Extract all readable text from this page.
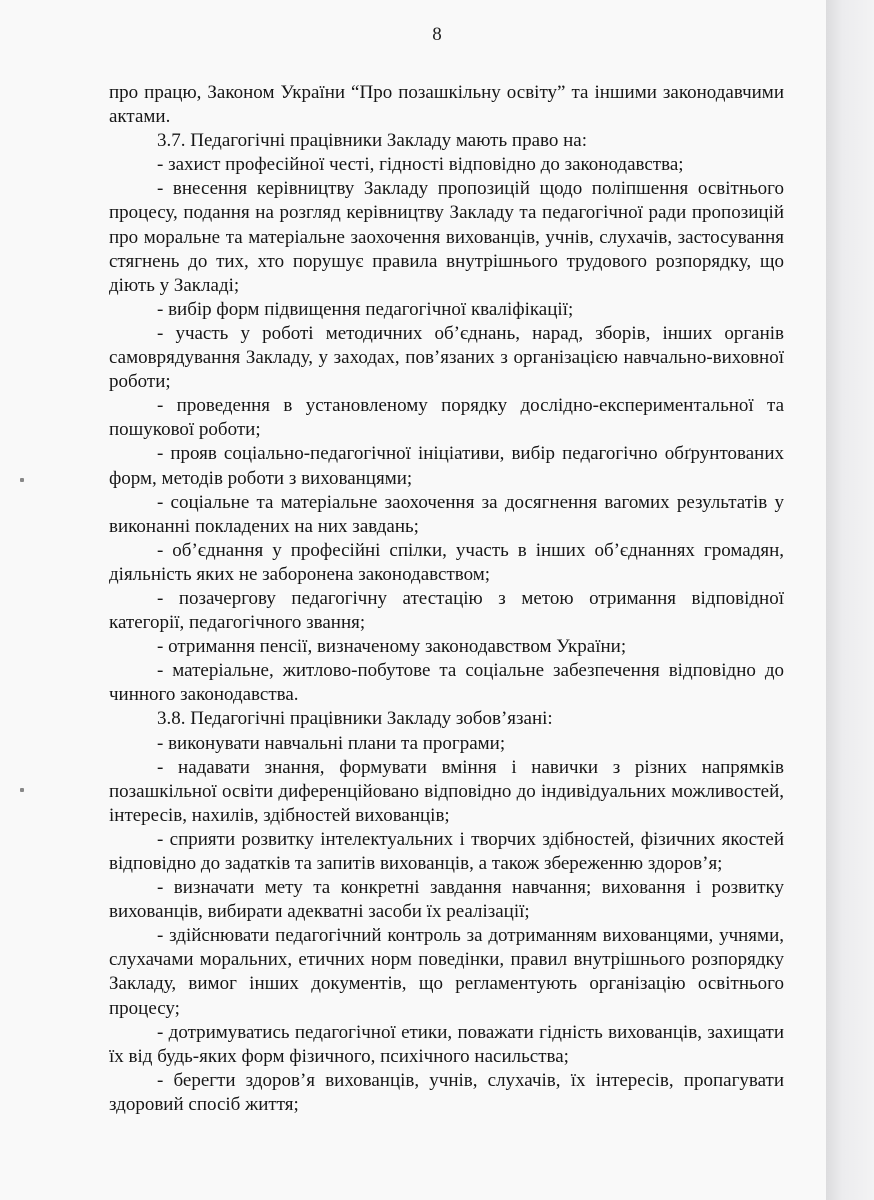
8

про працю, Законом України “Про позашкільну освіту” та іншими законодавчими актами.

3.7. Педагогічні працівники Закладу мають право на:

- захист професійної честі, гідності відповідно до законодавства;

- внесення керівництву Закладу пропозицій щодо поліпшення освітнього процесу, подання на розгляд керівництву Закладу та педагогічної ради пропозицій про моральне та матеріальне заохочення вихованців, учнів, слухачів, застосування стягнень до тих, хто порушує правила внутрішнього трудового розпорядку, що діють у Закладі;

- вибір форм підвищення педагогічної кваліфікації;

- участь у роботі методичних об’єднань, нарад, зборів, інших органів самоврядування Закладу, у заходах, пов’язаних з організацією навчально-виховної роботи;

- проведення в установленому порядку дослідно-експериментальної та пошукової роботи;

- прояв соціально-педагогічної ініціативи, вибір педагогічно обґрунтованих форм, методів роботи з вихованцями;

- соціальне та матеріальне заохочення за досягнення вагомих результатів у виконанні покладених на них завдань;

- об’єднання у професійні спілки, участь в інших об’єднаннях громадян, діяльність яких не заборонена законодавством;

- позачергову педагогічну атестацію з метою отримання відповідної категорії, педагогічного звання;

- отримання пенсії, визначеному законодавством України;

- матеріальне, житлово-побутове та соціальне забезпечення відповідно до чинного законодавства.

3.8. Педагогічні працівники Закладу зобов’язані:

- виконувати навчальні плани та програми;

- надавати знання, формувати вміння і навички з різних напрямків позашкільної освіти диференційовано відповідно до індивідуальних можливостей, інтересів, нахилів, здібностей вихованців;

- сприяти розвитку інтелектуальних і творчих здібностей, фізичних якостей відповідно до задатків та запитів вихованців, а також збереженню здоров’я;

- визначати мету та конкретні завдання навчання; виховання і розвитку вихованців, вибирати адекватні засоби їх реалізації;

- здійснювати педагогічний контроль за дотриманням вихованцями, учнями, слухачами моральних, етичних норм поведінки, правил внутрішнього розпорядку Закладу, вимог інших документів, що регламентують організацію освітнього процесу;

- дотримуватись педагогічної етики, поважати гідність вихованців, захищати їх від будь-яких форм фізичного, психічного насильства;

- берегти здоров’я вихованців, учнів, слухачів, їх інтересів, пропагувати здоровий спосіб життя;
